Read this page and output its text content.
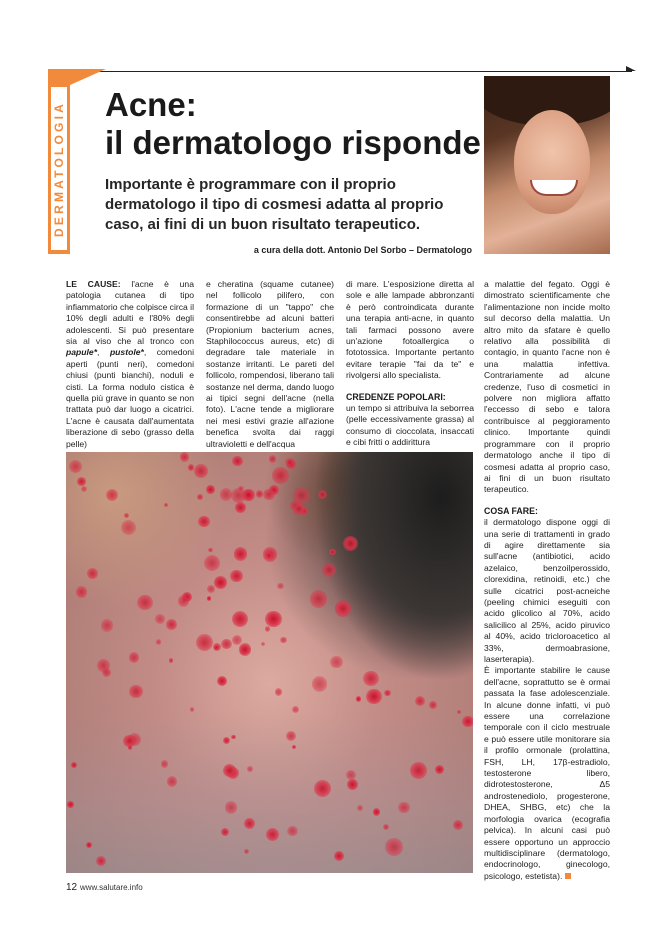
DERMATOLOGIA Acne:
il dermatologo risponde
Importante è programmare con il proprio dermatologo il tipo di cosmesi adatta al proprio caso, ai fini di un buon risultato terapeutico.
a cura della dott. Antonio Del Sorbo – Dermatologo

LE CAUSE: l'acne è una patologia cutanea di tipo infiammatorio che colpisce circa il 10% degli adulti e l'80% degli adolescenti. Si può presentare sia al viso che al tronco con papule*, pustole*, comedoni aperti (punti neri), comedoni chiusi (punti bianchi), noduli e cisti. La forma nodulo cistica è quella più grave in quanto se non trattata può dar luogo a cicatrici. L'acne è causata dall'aumentata liberazione di sebo (grasso della pelle)

e cheratina (squame cutanee) nel follicolo pilifero, con formazione di un "tappo" che consentirebbe ad alcuni batteri (Propionium bacterium acnes, Staphilococcus aureus, etc) di degradare tale materiale in sostanze irritanti. Le pareti del follicolo, rompendosi, liberano tali sostanze nel derma, dando luogo ai tipici segni dell'acne (nella foto). L'acne tende a migliorare nei mesi estivi grazie all'azione benefica svolta dai raggi ultravioletti e dell'acqua

di mare. L'esposizione diretta al sole e alle lampade abbronzanti è però controindicata durante una terapia anti-acne, in quanto tali farmaci possono avere un'azione fotoallergica o fototossica. Importante pertanto evitare terapie "fai da te" e rivolgersi allo specialista.

CREDENZE POPOLARI:

un tempo si attribuiva la seborrea (pelle eccessivamente grassa) al consumo di cioccolata, insaccati e cibi fritti o addirittura

a malattie del fegato. Oggi è dimostrato scientificamente che l'alimentazione non incide molto sul decorso della malattia. Un altro mito da sfatare è quello relativo alla possibilità di contagio, in quanto l'acne non è una malattia infettiva. Contrariamente ad alcune credenze, l'uso di cosmetici in polvere non migliora affatto l'eccesso di sebo e talora contribuisce al peggioramento clinico. Importante quindi programmare con il proprio dermatologo anche il tipo di cosmesi adatta al proprio caso, ai fini di un buon risultato terapeutico.

COSA FARE:

il dermatologo dispone oggi di una serie di trattamenti in grado di agire direttamente sia sull'acne (antibiotici, acido azelaico, benzoilperossido, clorexidina, retinoidi, etc.) che sulle cicatrici post-acneiche (peeling chimici eseguiti con acido glicolico al 70%, acido salicilico al 25%, acido piruvico al 40%, acido tricloroacetico al 33%, dermoabrasione, laserterapia).

È importante stabilire le cause dell'acne, soprattutto se è ormai passata la fase adolescenziale. In alcune donne infatti, vi può essere una correlazione temporale con il ciclo mestruale e può essere utile monitorare sia il profilo ormonale (prolattina, FSH, LH, 17β-estradiolo, testosterone libero, didrotestosterone, Δ5 androstenediolo, progesterone, DHEA, SHBG, etc) che la morfologia ovarica (ecografia pelvica). In alcuni casi può essere opportuno un approccio multidisciplinare (dermatologo, endocrinologo, ginecologo, psicologo, estetista).

12 www.salutare.info
